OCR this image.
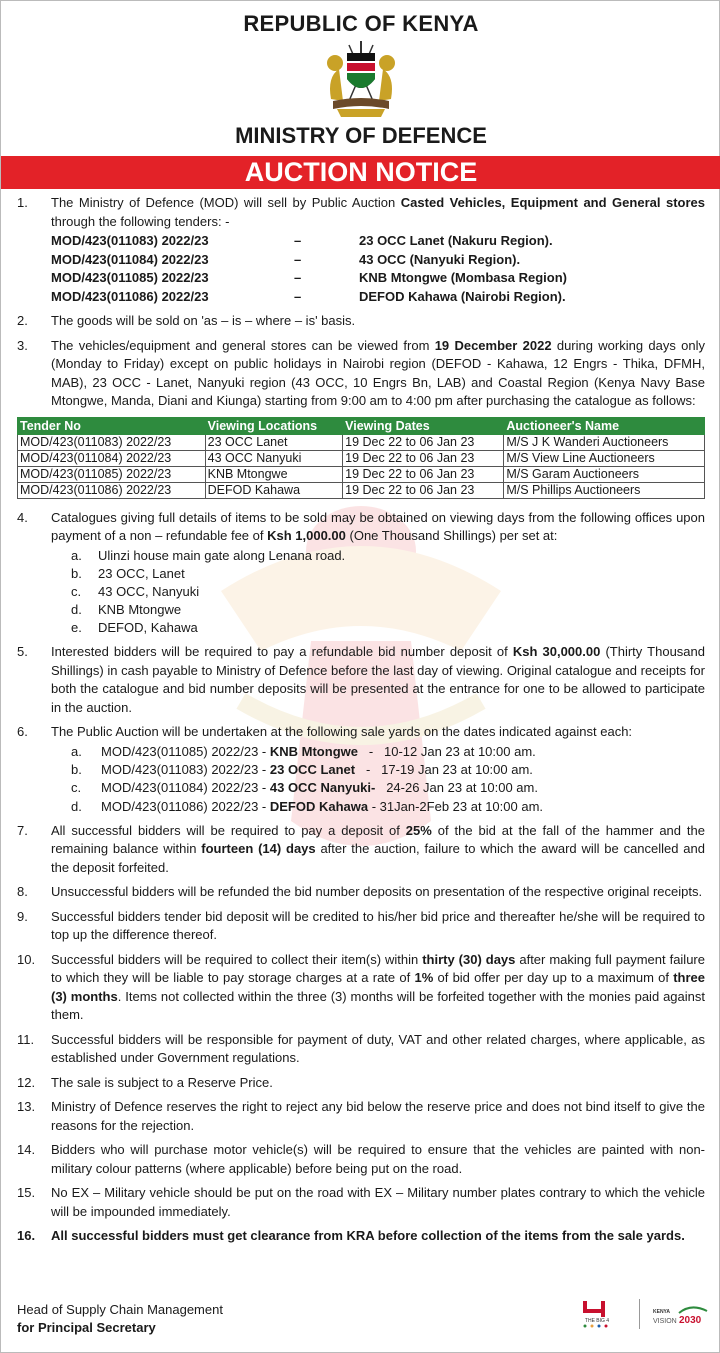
REPUBLIC OF KENYA
MINISTRY OF DEFENCE
AUCTION NOTICE
1. The Ministry of Defence (MOD) will sell by Public Auction Casted Vehicles, Equipment and General stores through the following tenders: -
MOD/423(011083) 2022/23	–	23 OCC Lanet (Nakuru Region).
MOD/423(011084) 2022/23	–	43 OCC (Nanyuki Region).
MOD/423(011085) 2022/23	–	KNB Mtongwe (Mombasa Region)
MOD/423(011086) 2022/23	–	DEFOD Kahawa (Nairobi Region).
2. The goods will be sold on 'as – is – where – is' basis.
3. The vehicles/equipment and general stores can be viewed from 19 December 2022 during working days only (Monday to Friday) except on public holidays in Nairobi region (DEFOD - Kahawa, 12 Engrs - Thika, DFMH, MAB), 23 OCC - Lanet, Nanyuki region (43 OCC, 10 Engrs Bn, LAB) and Coastal Region (Kenya Navy Base Mtongwe, Manda, Diani and Kiunga) starting from 9:00 am to 4:00 pm after purchasing the catalogue as follows:
Tender No	Viewing Locations	Viewing Dates	Auctioneer's Name
MOD/423(011083) 2022/23	23 OCC Lanet	19 Dec 22 to 06 Jan 23	M/S J K Wanderi Auctioneers
MOD/423(011084) 2022/23	43 OCC Nanyuki	19 Dec 22 to 06 Jan 23	M/S View Line Auctioneers
MOD/423(011085) 2022/23	KNB Mtongwe	19 Dec 22 to 06 Jan 23	M/S Garam Auctioneers
MOD/423(011086) 2022/23	DEFOD Kahawa	19 Dec 22 to 06 Jan 23	M/S Phillips Auctioneers
4. Catalogues giving full details of items to be sold may be obtained on viewing days from the following offices upon payment of a non – refundable fee of Ksh 1,000.00 (One Thousand Shillings) per set at:
a. Ulinzi house main gate along Lenana road.
b. 23 OCC, Lanet
c. 43 OCC, Nanyuki
d. KNB Mtongwe
e. DEFOD, Kahawa
5. Interested bidders will be required to pay a refundable bid number deposit of Ksh 30,000.00 (Thirty Thousand Shillings) in cash payable to Ministry of Defence before the last day of viewing. Original catalogue and receipts for both the catalogue and bid number deposits will be presented at the entrance for one to be allowed to participate in the auction.
6. The Public Auction will be undertaken at the following sale yards on the dates indicated against each:
a. MOD/423(011085) 2022/23 - KNB Mtongwe   -   10-12 Jan 23 at 10:00 am.
b. MOD/423(011083) 2022/23 - 23 OCC Lanet   -   17-19 Jan 23 at 10:00 am.
c. MOD/423(011084) 2022/23 - 43 OCC Nanyuki-   24-26 Jan 23 at 10:00 am.
d. MOD/423(011086) 2022/23 - DEFOD Kahawa - 31Jan-2Feb 23 at 10:00 am.
7. All successful bidders will be required to pay a deposit of 25% of the bid at the fall of the hammer and the remaining balance within fourteen (14) days after the auction, failure to which the award will be cancelled and the deposit forfeited.
8. Unsuccessful bidders will be refunded the bid number deposits on presentation of the respective original receipts.
9. Successful bidders tender bid deposit will be credited to his/her bid price and thereafter he/she will be required to top up the difference thereof.
10. Successful bidders will be required to collect their item(s) within thirty (30) days after making full payment failure to which they will be liable to pay storage charges at a rate of 1% of bid offer per day up to a maximum of three (3) months. Items not collected within the three (3) months will be forfeited together with the monies paid against them.
11. Successful bidders will be responsible for payment of duty, VAT and other related charges, where applicable, as established under Government regulations.
12. The sale is subject to a Reserve Price.
13. Ministry of Defence reserves the right to reject any bid below the reserve price and does not bind itself to give the reasons for the rejection.
14. Bidders who will purchase motor vehicle(s) will be required to ensure that the vehicles are painted with non-military colour patterns (where applicable) before being put on the road.
15. No EX – Military vehicle should be put on the road with EX – Military number plates contrary to which the vehicle will be impounded immediately.
16. All successful bidders must get clearance from KRA before collection of the items from the sale yards.
Head of Supply Chain Management
for Principal Secretary	THE BIG 4
KENYA
VISION 2030
